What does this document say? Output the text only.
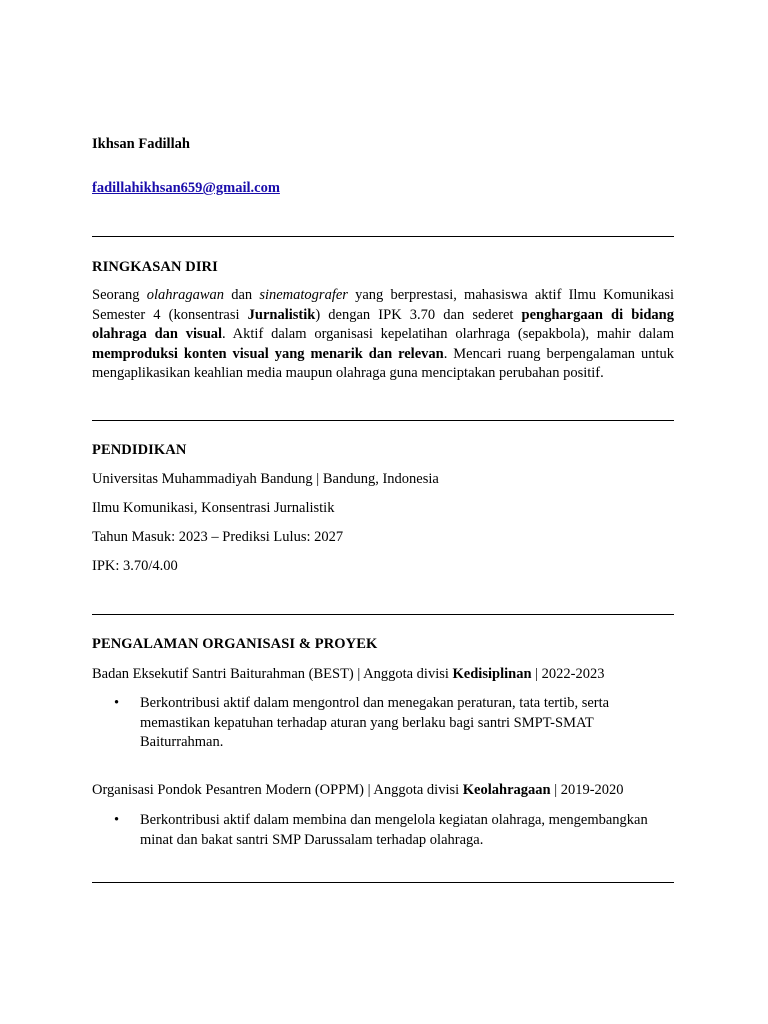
Ikhsan Fadillah
fadillahikhsan659@gmail.com
RINGKASAN DIRI
Seorang olahragawan dan sinematografer yang berprestasi, mahasiswa aktif Ilmu Komunikasi Semester 4 (konsentrasi Jurnalistik) dengan IPK 3.70 dan sederet penghargaan di bidang olahraga dan visual. Aktif dalam organisasi kepelatihan olarhraga (sepakbola), mahir dalam memproduksi konten visual yang menarik dan relevan. Mencari ruang berpengalaman untuk mengaplikasikan keahlian media maupun olahraga guna menciptakan perubahan positif.
PENDIDIKAN
Universitas Muhammadiyah Bandung | Bandung, Indonesia
Ilmu Komunikasi, Konsentrasi Jurnalistik
Tahun Masuk: 2023 – Prediksi Lulus: 2027
IPK: 3.70/4.00
PENGALAMAN ORGANISASI & PROYEK
Badan Eksekutif Santri Baiturahman (BEST) | Anggota divisi Kedisiplinan | 2022-2023
•	Berkontribusi aktif dalam mengontrol dan menegakan peraturan, tata tertib, serta memastikan kepatuhan terhadap aturan yang berlaku bagi santri SMPT-SMAT Baiturrahman.
Organisasi Pondok Pesantren Modern (OPPM) | Anggota divisi Keolahragaan | 2019-2020
•	Berkontribusi aktif dalam membina dan mengelola kegiatan olahraga, mengembangkan minat dan bakat santri SMP Darussalam terhadap olahraga.
